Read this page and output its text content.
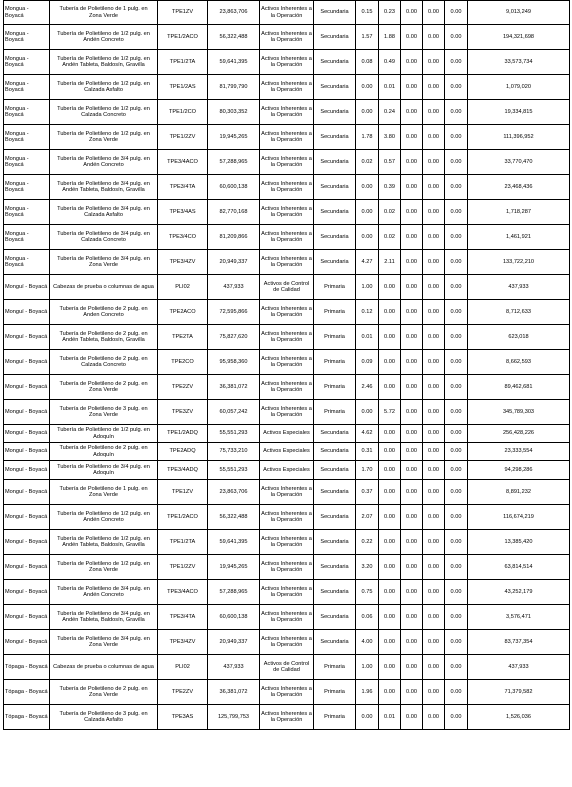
Mongua - Boyacá	Tubería de Polietileno de 1 pulg. en Zona Verde	TPE1ZV	23,863,706	Activos Inherentes a la Operación	Secundaria	0.15	0.23	0.00	0.00	0.00	9,013,249
Mongua - Boyacá	Tubería de Polietileno de 1/2 pulg. en Andén Concreto	TPE1/2ACO	56,322,488	Activos Inherentes a la Operación	Secundaria	1.57	1.88	0.00	0.00	0.00	194,321,698
Mongua - Boyacá	Tubería de Polietileno de 1/2 pulg. en Andén Tableta, Baldosín, Gravilla	TPE1/2TA	59,641,395	Activos Inherentes a la Operación	Secundaria	0.08	0.49	0.00	0.00	0.00	33,573,734
Mongua - Boyacá	Tubería de Polietileno de 1/2 pulg. en Calzada Asfalto	TPE1/2AS	81,799,790	Activos Inherentes a la Operación	Secundaria	0.00	0.01	0.00	0.00	0.00	1,079,020
Mongua - Boyacá	Tubería de Polietileno de 1/2 pulg. en Calzada Concreto	TPE1/2CO	80,303,352	Activos Inherentes a la Operación	Secundaria	0.00	0.24	0.00	0.00	0.00	19,334,815
Mongua - Boyacá	Tubería de Polietileno de 1/2 pulg. en Zona Verde	TPE1/2ZV	19,945,265	Activos Inherentes a la Operación	Secundaria	1.78	3.80	0.00	0.00	0.00	111,396,952
Mongua - Boyacá	Tubería de Polietileno de 3/4 pulg. en Andén Concreto	TPE3/4ACO	57,288,965	Activos Inherentes a la Operación	Secundaria	0.02	0.57	0.00	0.00	0.00	33,770,470
Mongua - Boyacá	Tubería de Polietileno de 3/4 pulg. en Andén Tableta, Baldosín, Gravilla	TPE3/4TA	60,600,138	Activos Inherentes a la Operación	Secundaria	0.00	0.39	0.00	0.00	0.00	23,468,436
Mongua - Boyacá	Tubería de Polietileno de 3/4 pulg. en Calzada Asfalto	TPE3/4AS	82,770,168	Activos Inherentes a la Operación	Secundaria	0.00	0.02	0.00	0.00	0.00	1,718,287
Mongua - Boyacá	Tubería de Polietileno de 3/4 pulg. en Calzada Concreto	TPE3/4CO	81,209,866	Activos Inherentes a la Operación	Secundaria	0.00	0.02	0.00	0.00	0.00	1,461,921
Mongua - Boyacá	Tubería de Polietileno de 3/4 pulg. en Zona Verde	TPE3/4ZV	20,949,337	Activos Inherentes a la Operación	Secundaria	4.27	2.11	0.00	0.00	0.00	133,722,210
Monguí - Boyacá	Cabezas de prueba o columnas de agua	PLI02	437,933	Activos de Control de Calidad	Primaria	1.00	0.00	0.00	0.00	0.00	437,933
Monguí - Boyacá	Tubería de Polietileno de 2 pulg. en Anden Concreto	TPE2ACO	72,595,866	Activos Inherentes a la Operación	Primaria	0.12	0.00	0.00	0.00	0.00	8,712,633
Monguí - Boyacá	Tubería de Polietileno de 2 pulg. en Andén Tableta, Baldosín, Gravilla	TPE2TA	75,827,620	Activos Inherentes a la Operación	Primaria	0.01	0.00	0.00	0.00	0.00	623,018
Monguí - Boyacá	Tubería de Polietileno de 2 pulg. en Calzada Concreto	TPE2CO	95,958,360	Activos Inherentes a la Operación	Primaria	0.09	0.00	0.00	0.00	0.00	8,662,593
Monguí - Boyacá	Tubería de Polietileno de 2 pulg. en Zona Verde	TPE2ZV	36,381,072	Activos Inherentes a la Operación	Primaria	2.46	0.00	0.00	0.00	0.00	89,462,681
Monguí - Boyacá	Tubería de Polietileno de 3 pulg. en Zona Verde	TPE3ZV	60,057,242	Activos Inherentes a la Operación	Primaria	0.00	5.72	0.00	0.00	0.00	345,789,303
Monguí - Boyacá	Tubería de Polietileno de 1/2 pulg. en Adoquín	TPE1/2ADQ	55,551,293	Activos Especiales	Secundaria	4.62	0.00	0.00	0.00	0.00	256,428,226
Monguí - Boyacá	Tubería de Polietileno de 2 pulg. en Adoquín	TPE2ADQ	75,733,210	Activos Especiales	Secundaria	0.31	0.00	0.00	0.00	0.00	23,333,554
Monguí - Boyacá	Tubería de Polietileno de 3/4 pulg. en Adoquín	TPE3/4ADQ	55,551,293	Activos Especiales	Secundaria	1.70	0.00	0.00	0.00	0.00	94,298,286
Monguí - Boyacá	Tubería de Polietileno de 1 pulg. en Zona Verde	TPE1ZV	23,863,706	Activos Inherentes a la Operación	Secundaria	0.37	0.00	0.00	0.00	0.00	8,891,232
Monguí - Boyacá	Tubería de Polietileno de 1/2 pulg. en Andén Concreto	TPE1/2ACO	56,322,488	Activos Inherentes a la Operación	Secundaria	2.07	0.00	0.00	0.00	0.00	116,674,219
Monguí - Boyacá	Tubería de Polietileno de 1/2 pulg. en Andén Tableta, Baldosín, Gravilla	TPE1/2TA	59,641,395	Activos Inherentes a la Operación	Secundaria	0.22	0.00	0.00	0.00	0.00	13,385,420
Monguí - Boyacá	Tubería de Polietileno de 1/2 pulg. en Zona Verde	TPE1/2ZV	19,945,265	Activos Inherentes a la Operación	Secundaria	3.20	0.00	0.00	0.00	0.00	63,814,514
Monguí - Boyacá	Tubería de Polietileno de 3/4 pulg. en Andén Concreto	TPE3/4ACO	57,288,965	Activos Inherentes a la Operación	Secundaria	0.75	0.00	0.00	0.00	0.00	43,252,179
Monguí - Boyacá	Tubería de Polietileno de 3/4 pulg. en Andén Tableta, Baldosín, Gravilla	TPE3/4TA	60,600,138	Activos Inherentes a la Operación	Secundaria	0.06	0.00	0.00	0.00	0.00	3,576,471
Monguí - Boyacá	Tubería de Polietileno de 3/4 pulg. en Zona Verde	TPE3/4ZV	20,949,337	Activos Inherentes a la Operación	Secundaria	4.00	0.00	0.00	0.00	0.00	83,737,354
Tópaga - Boyacá	Cabezas de prueba o columnas de agua	PLI02	437,933	Activos de Control de Calidad	Primaria	1.00	0.00	0.00	0.00	0.00	437,933
Tópaga - Boyacá	Tubería de Polietileno de 2 pulg. en Zona Verde	TPE2ZV	36,381,072	Activos Inherentes a la Operación	Primaria	1.96	0.00	0.00	0.00	0.00	71,379,582
Tópaga - Boyacá	Tubería de Polietileno de 3 pulg. en Calzada Asfalto	TPE3AS	125,799,753	Activos Inherentes a la Operación	Primaria	0.00	0.01	0.00	0.00	0.00	1,526,036
